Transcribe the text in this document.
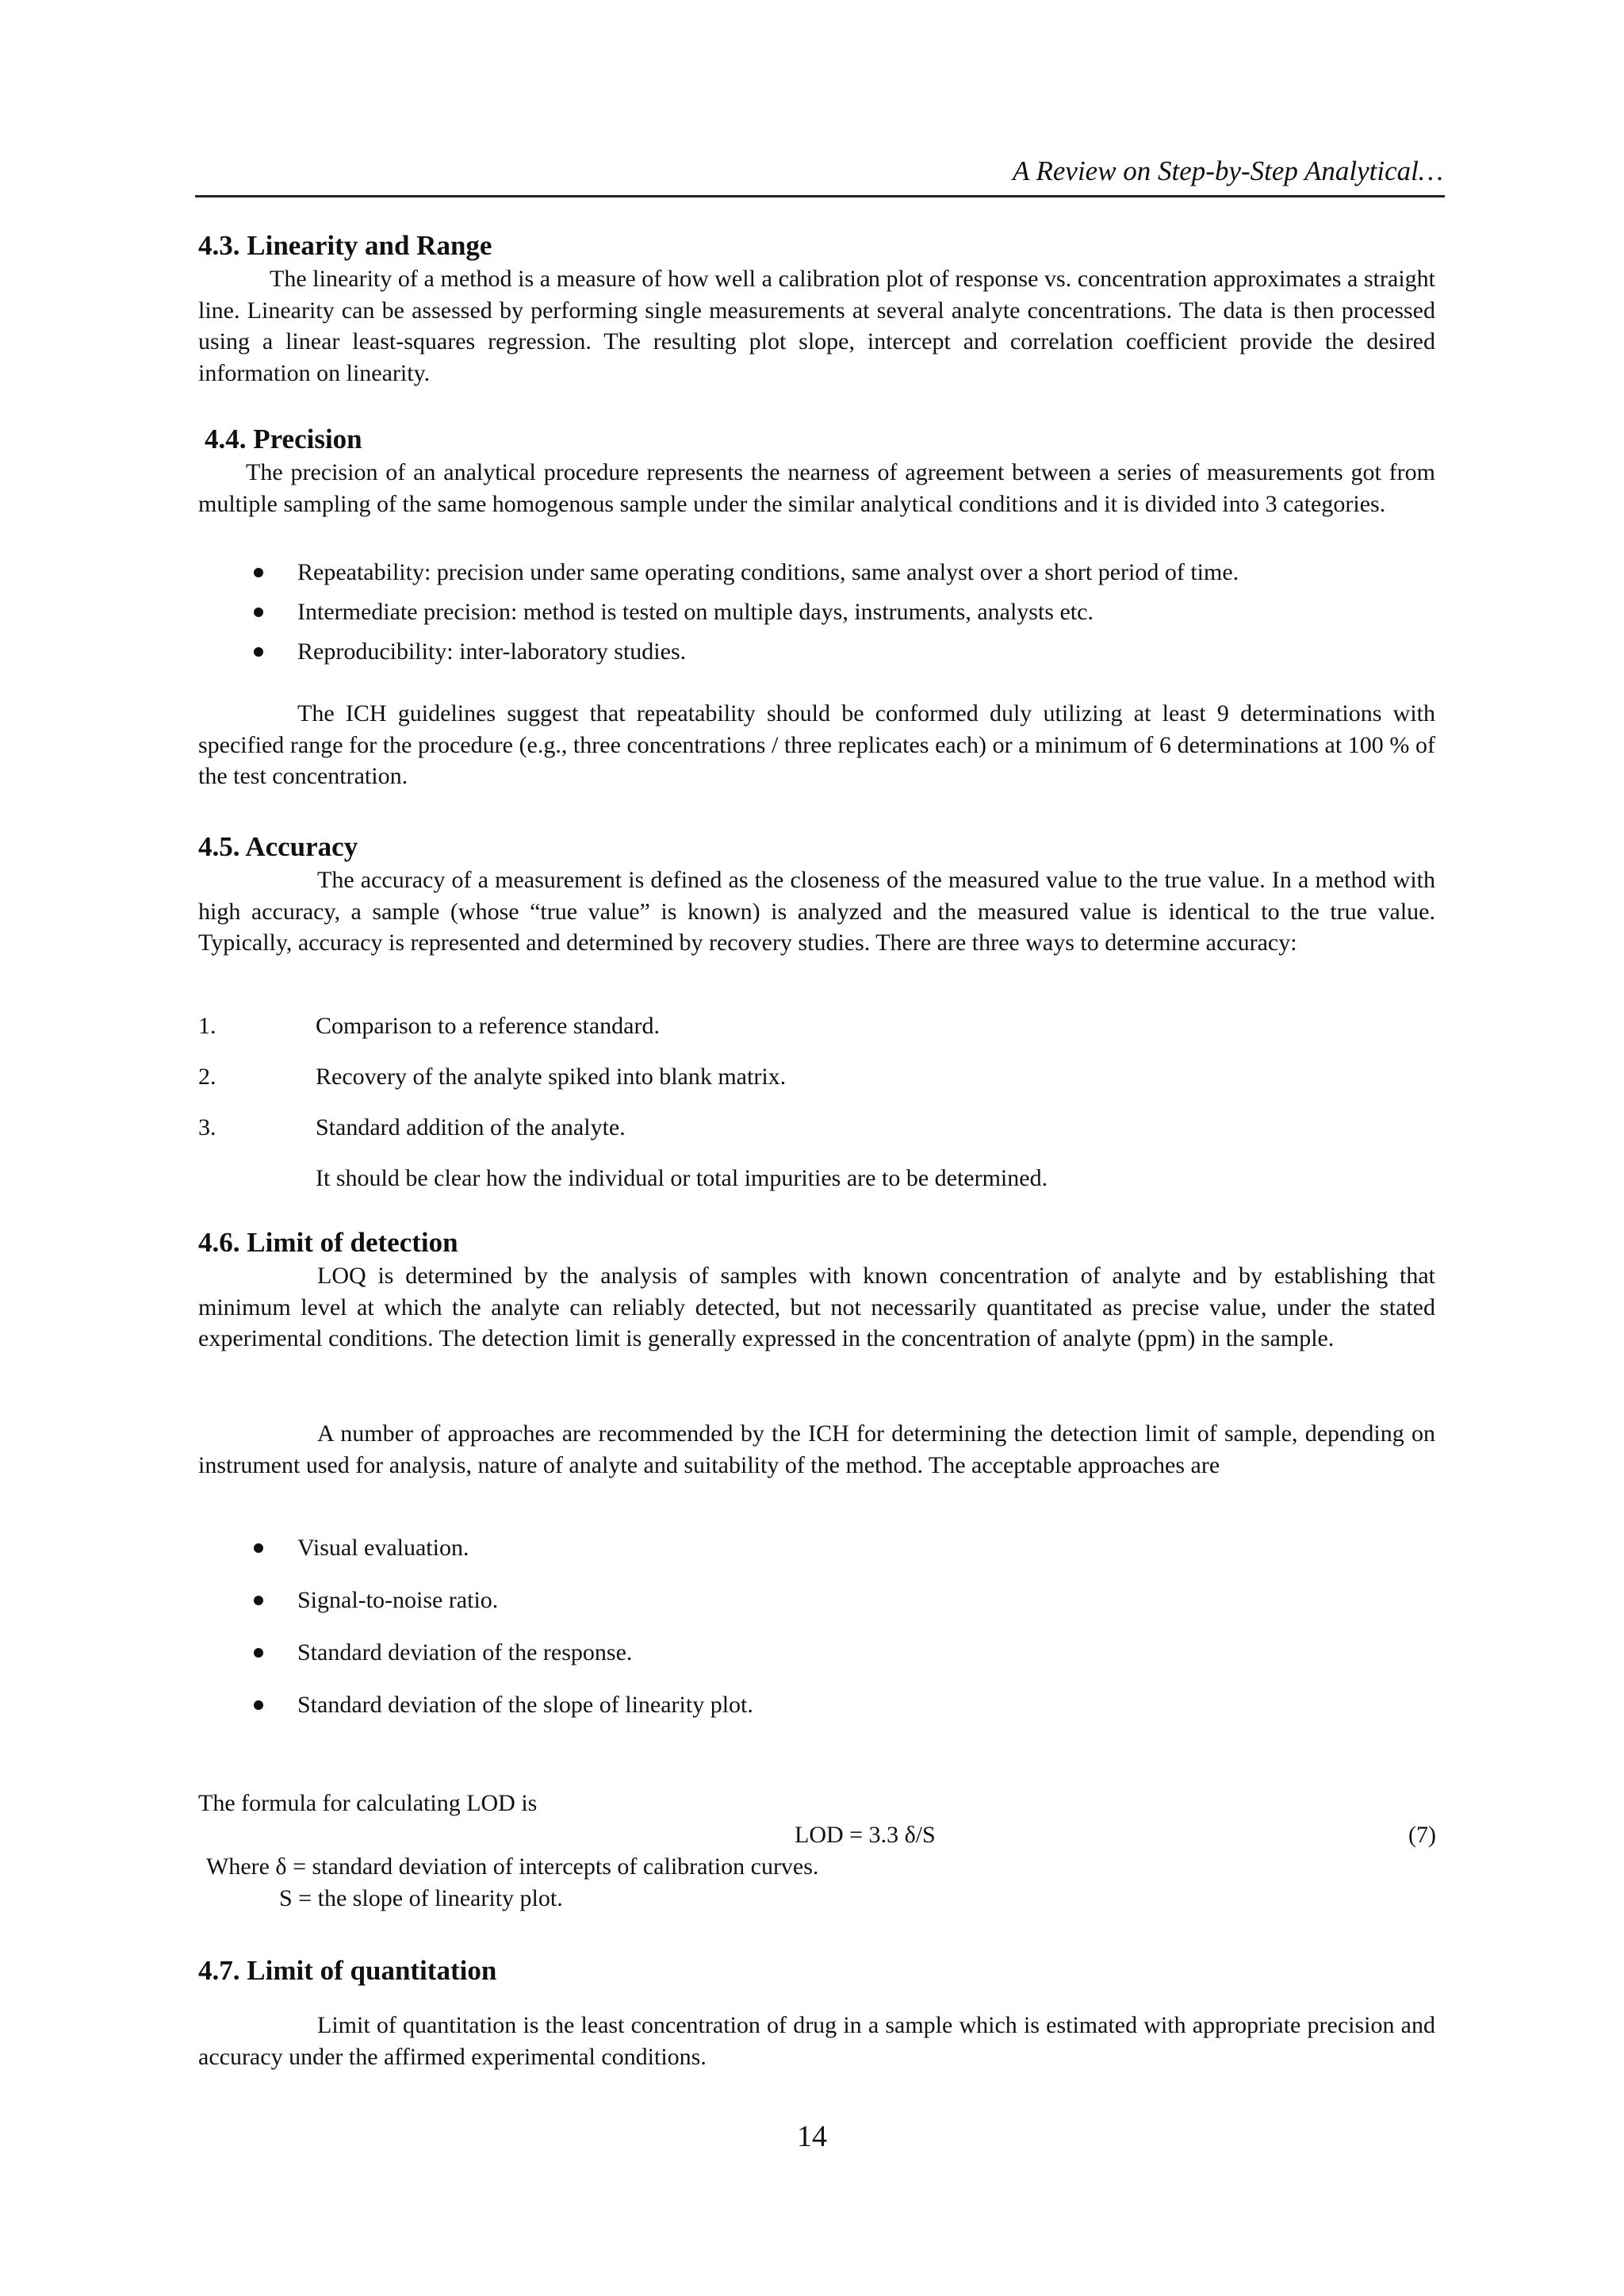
A Review on Step-by-Step Analytical…
4.3. Linearity and Range

The linearity of a method is a measure of how well a calibration plot of response vs. concentration approximates a straight line. Linearity can be assessed by performing single measurements at several analyte concentrations. The data is then processed using a linear least-squares regression. The resulting plot slope, intercept and correlation coefficient provide the desired information on linearity.

4.4. Precision

The precision of an analytical procedure represents the nearness of agreement between a series of measurements got from multiple sampling of the same homogenous sample under the similar analytical conditions and it is divided into 3 categories.

Repeatability: precision under same operating conditions, same analyst over a short period of time.
Intermediate precision: method is tested on multiple days, instruments, analysts etc.
Reproducibility: inter-laboratory studies.

The ICH guidelines suggest that repeatability should be conformed duly utilizing at least 9 determinations with specified range for the procedure (e.g., three concentrations / three replicates each) or a minimum of 6 determinations at 100 % of the test concentration.

4.5. Accuracy

The accuracy of a measurement is defined as the closeness of the measured value to the true value. In a method with high accuracy, a sample (whose “true value” is known) is analyzed and the measured value is identical to the true value. Typically, accuracy is represented and determined by recovery studies. There are three ways to determine accuracy:

1.	Comparison to a reference standard.
2.	Recovery of the analyte spiked into blank matrix.
3.	Standard addition of the analyte.
It should be clear how the individual or total impurities are to be determined.
4.6. Limit of detection

LOQ is determined by the analysis of samples with known concentration of analyte and by establishing that minimum level at which the analyte can reliably detected, but not necessarily quantitated as precise value, under the stated experimental conditions. The detection limit is generally expressed in the concentration of analyte (ppm) in the sample.

A number of approaches are recommended by the ICH for determining the detection limit of sample, depending on instrument used for analysis, nature of analyte and suitability of the method. The acceptable approaches are

Visual evaluation.
Signal-to-noise ratio.
Standard deviation of the response.
Standard deviation of the slope of linearity plot.
The formula for calculating LOD is
LOD = 3.3 δ/S	(7)
Where δ = standard deviation of intercepts of calibration curves.
S = the slope of linearity plot.
4.7. Limit of quantitation

Limit of quantitation is the least concentration of drug in a sample which is estimated with appropriate precision and accuracy under the affirmed experimental conditions.

14
